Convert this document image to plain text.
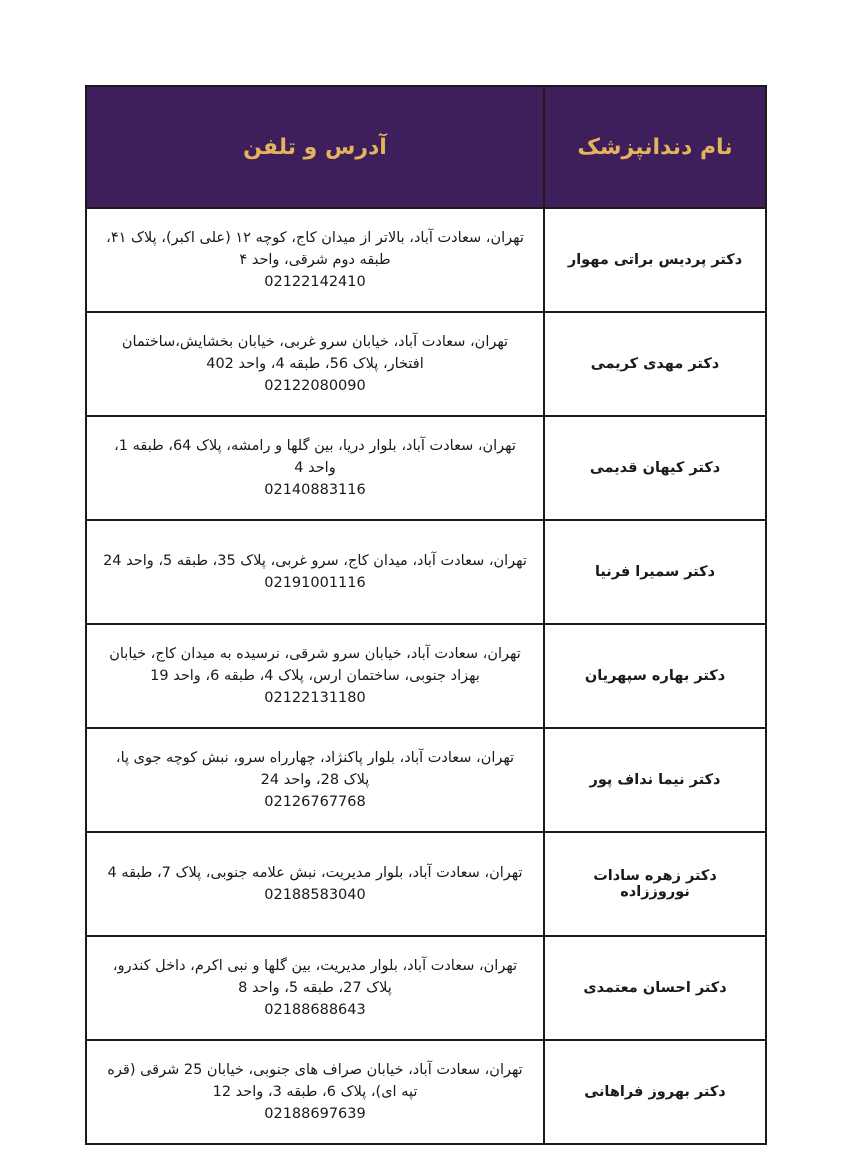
نام دندانپزشک	آدرس و تلفن
دکتر پردیس براتی مهوار	تهران، سعادت آباد، بالاتر از میدان کاج، کوچه ۱۲ (علی اکبر)، پلاک ۴۱، طبقه دوم شرقی، واحد ۴
02122142410

دکتر مهدی کریمی	تهران، سعادت آباد، خیابان سرو غربی، خیابان بخشایش،ساختمان افتخار، پلاک 56، طبقه 4، واحد 402
02122080090

دکتر کیهان قدیمی	تهران، سعادت آباد، بلوار دریا، بین گلها و رامشه، پلاک 64، طبقه 1، واحد 4
02140883116

دکتر سمیرا فرنیا	تهران، سعادت آباد، میدان کاج، سرو غربی، پلاک 35، طبقه 5، واحد 24
02191001116

دکتر بهاره سپهریان	تهران، سعادت آباد، خیابان سرو شرقی، نرسیده به میدان کاج، خیابان بهزاد جنوبی، ساختمان ارس، پلاک 4، طبقه 6، واحد 19
02122131180

دکتر نیما نداف پور	تهران، سعادت آباد، بلوار پاکنژاد، چهارراه سرو، نبش کوچه جوی پا، پلاک 28، واحد 24
02126767768

دکتر زهره سادات نوروززاده	تهران، سعادت آباد، بلوار مدیریت، نبش علامه جنوبی، پلاک 7، طبقه 4
02188583040

دکتر احسان معتمدی	تهران، سعادت آباد، بلوار مدیریت، بین گلها و نبی اکرم، داخل کندرو، پلاک 27، طبقه 5، واحد 8
02188688643

دکتر بهروز فراهانی	تهران، سعادت آباد، خیابان صراف های جنوبی، خیابان 25 شرقی (قره تپه ای)، پلاک 6، طبقه 3، واحد 12
02188697639
